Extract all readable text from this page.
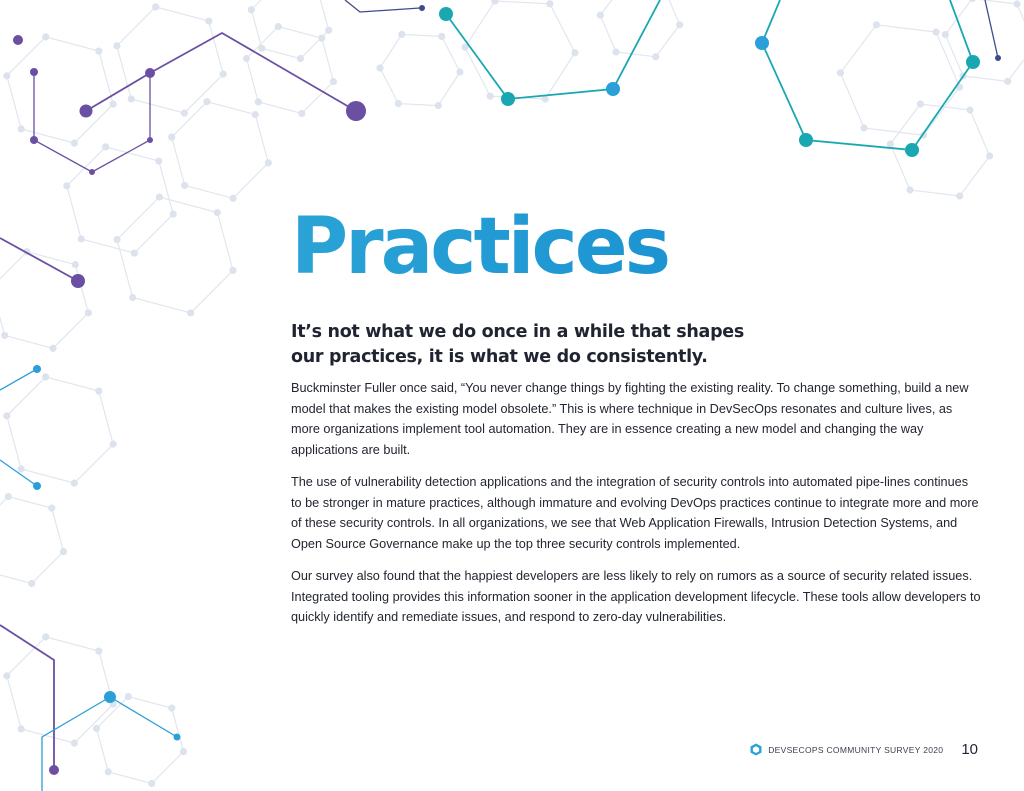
Practices
It’s not what we do once in a while that shapes
our practices, it is what we do consistently.

Buckminster Fuller once said, “You never change things by fighting the existing reality. To change something, build a new model that makes the existing model obsolete.” This is where technique in DevSecOps resonates and culture lives, as more organizations implement tool automation. They are in essence creating a new model and changing the way applications are built.

The use of vulnerability detection applications and the integration of security controls into automated pipe-lines continues to be stronger in mature practices, although immature and evolving DevOps practices continue to integrate more and more of these security controls. In all organizations, we see that Web Application Firewalls, Intrusion Detection Systems, and Open Source Governance make up the top three security controls implemented.

Our survey also found that the happiest developers are less likely to rely on rumors as a source of security related issues. Integrated tooling provides this information sooner in the application development lifecycle. These tools allow developers to quickly identify and remediate issues, and respond to zero-day vulnerabilities.

DEVSECOPS COMMUNITY SURVEY 2020 10
